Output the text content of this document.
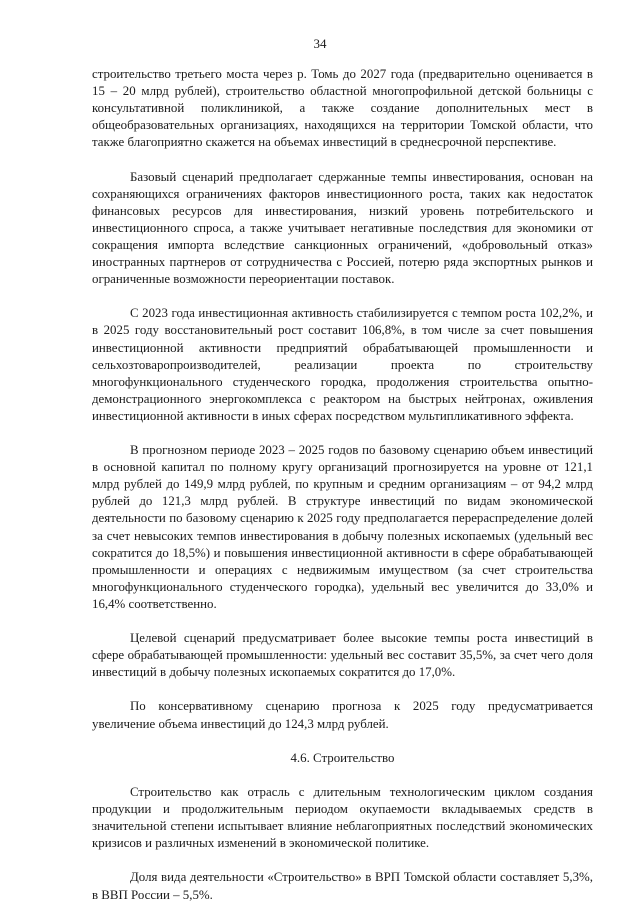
34

строительство третьего моста через р. Томь до 2027 года (предварительно оценивается в 15 – 20 млрд рублей), строительство областной многопрофильной детской больницы с консультативной поликлиникой, а также создание дополнительных мест в общеобразовательных организациях, находящихся на территории Томской области, что также благоприятно скажется на объемах инвестиций в среднесрочной перспективе.

Базовый сценарий предполагает сдержанные темпы инвестирования, основан на сохраняющихся ограничениях факторов инвестиционного роста, таких как недостаток финансовых ресурсов для инвестирования, низкий уровень потребительского и инвестиционного спроса, а также учитывает негативные последствия для экономики от сокращения импорта вследствие санкционных ограничений, «добровольный отказ» иностранных партнеров от сотрудничества с Россией, потерю ряда экспортных рынков и ограниченные возможности переориентации поставок.

С 2023 года инвестиционная активность стабилизируется с темпом роста 102,2%, и в 2025 году восстановительный рост составит 106,8%, в том числе за счет повышения инвестиционной активности предприятий обрабатывающей промышленности и сельхозтоваропроизводителей, реализации проекта по строительству многофункционального студенческого городка, продолжения строительства опытно-демонстрационного энергокомплекса с реактором на быстрых нейтронах, оживления инвестиционной активности в иных сферах посредством мультипликативного эффекта.

В прогнозном периоде 2023 – 2025 годов по базовому сценарию объем инвестиций в основной капитал по полному кругу организаций прогнозируется на уровне от 121,1 млрд рублей до 149,9 млрд рублей, по крупным и средним организациям – от 94,2 млрд рублей до 121,3 млрд рублей. В структуре инвестиций по видам экономической деятельности по базовому сценарию к 2025 году предполагается перераспределение долей за счет невысоких темпов инвестирования в добычу полезных ископаемых (удельный вес сократится до 18,5%) и повышения инвестиционной активности в сфере обрабатывающей промышленности и операциях с недвижимым имуществом (за счет строительства многофункционального студенческого городка), удельный вес увеличится до 33,0% и 16,4% соответственно.

Целевой сценарий предусматривает более высокие темпы роста инвестиций в сфере обрабатывающей промышленности: удельный вес составит 35,5%, за счет чего доля инвестиций в добычу полезных ископаемых сократится до 17,0%.

По консервативному сценарию прогноза к 2025 году предусматривается увеличение объема инвестиций до 124,3 млрд рублей.

4.6. Строительство

Строительство как отрасль с длительным технологическим циклом создания продукции и продолжительным периодом окупаемости вкладываемых средств в значительной степени испытывает влияние неблагоприятных последствий экономических кризисов и различных изменений в экономической политике.

Доля вида деятельности «Строительство» в ВРП Томской области составляет 5,3%, в ВВП России – 5,5%.
